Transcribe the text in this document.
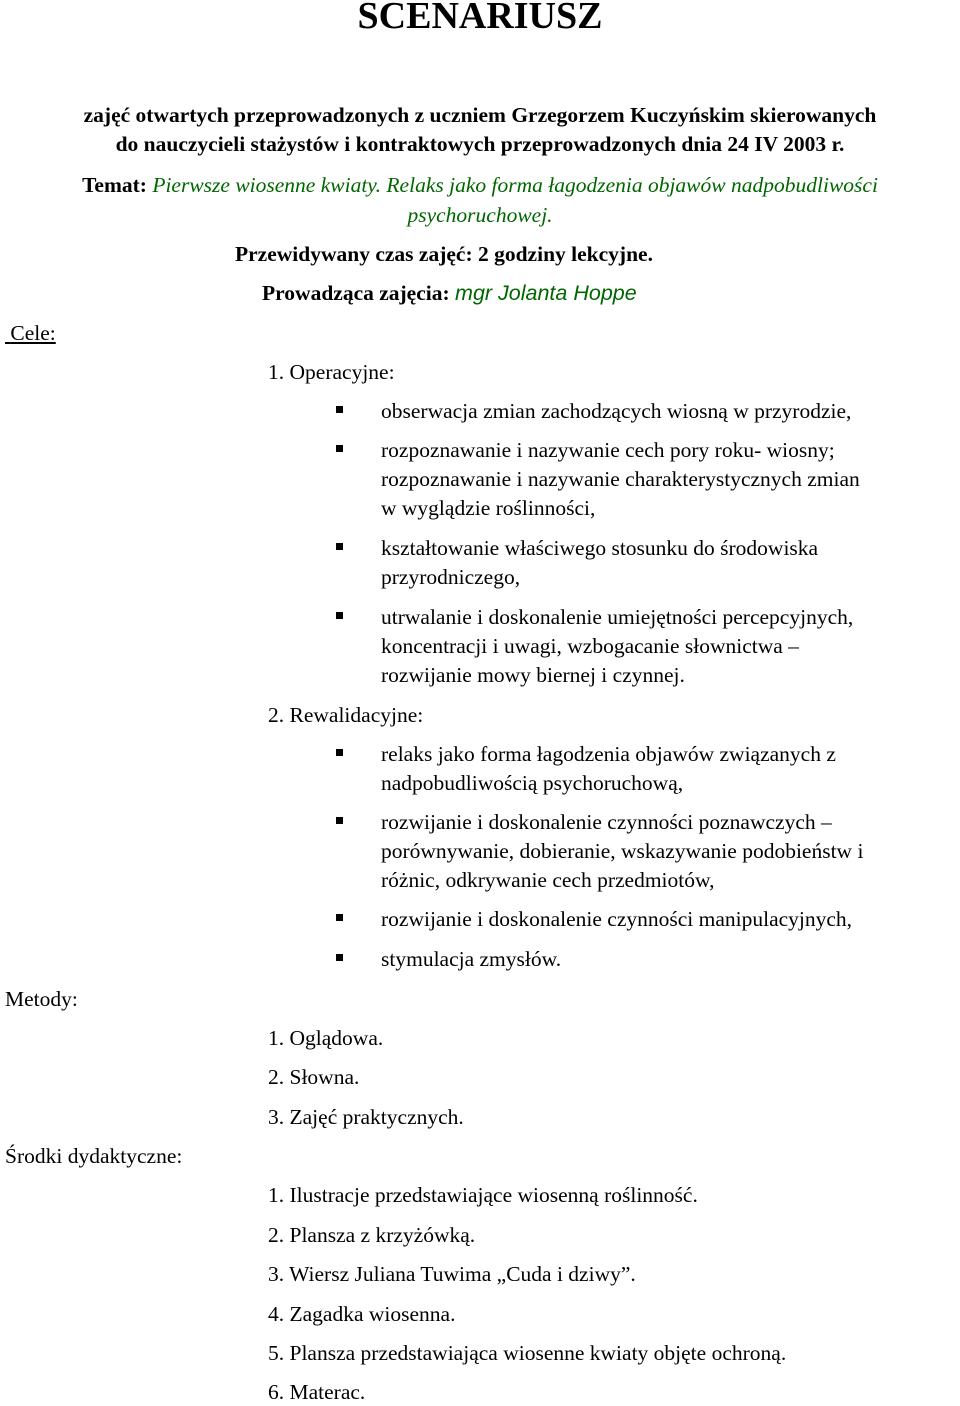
SCENARIUSZ
zajęć otwartych przeprowadzonych z uczniem Grzegorzem Kuczyńskim skierowanych
do nauczycieli stażystów i kontraktowych przeprowadzonych dnia 24 IV 2003 r.
Temat: Pierwsze wiosenne kwiaty. Relaks jako forma łagodzenia objawów nadpobudliwości
psychoruchowej.
Przewidywany czas zajęć: 2 godziny lekcyjne.
Prowadząca zajęcia: mgr Jolanta Hoppe
Cele:
Metody:
Środki dydaktyczne:
1. Operacyjne:
obserwacja zmian zachodzących wiosną w przyrodzie,
rozpoznawanie i nazywanie cech pory roku- wiosny;
rozpoznawanie i nazywanie charakterystycznych zmian
w wyglądzie roślinności,
kształtowanie właściwego stosunku do środowiska
przyrodniczego,
utrwalanie i doskonalenie umiejętności percepcyjnych,
koncentracji i uwagi, wzbogacanie słownictwa –
rozwijanie mowy biernej i czynnej.
2. Rewalidacyjne:
relaks jako forma łagodzenia objawów związanych z
nadpobudliwością psychoruchową,
rozwijanie i doskonalenie czynności poznawczych –
porównywanie, dobieranie, wskazywanie podobieństw i
różnic, odkrywanie cech przedmiotów,
rozwijanie i doskonalenie czynności manipulacyjnych,
stymulacja zmysłów.
1. Oglądowa.
2. Słowna.
3. Zajęć praktycznych.
1. Ilustracje przedstawiające wiosenną roślinność.
2. Plansza z krzyżówką.
3. Wiersz Juliana Tuwima „Cuda i dziwy”.
4. Zagadka wiosenna.
5. Plansza przedstawiająca wiosenne kwiaty objęte ochroną.
6. Materac.
